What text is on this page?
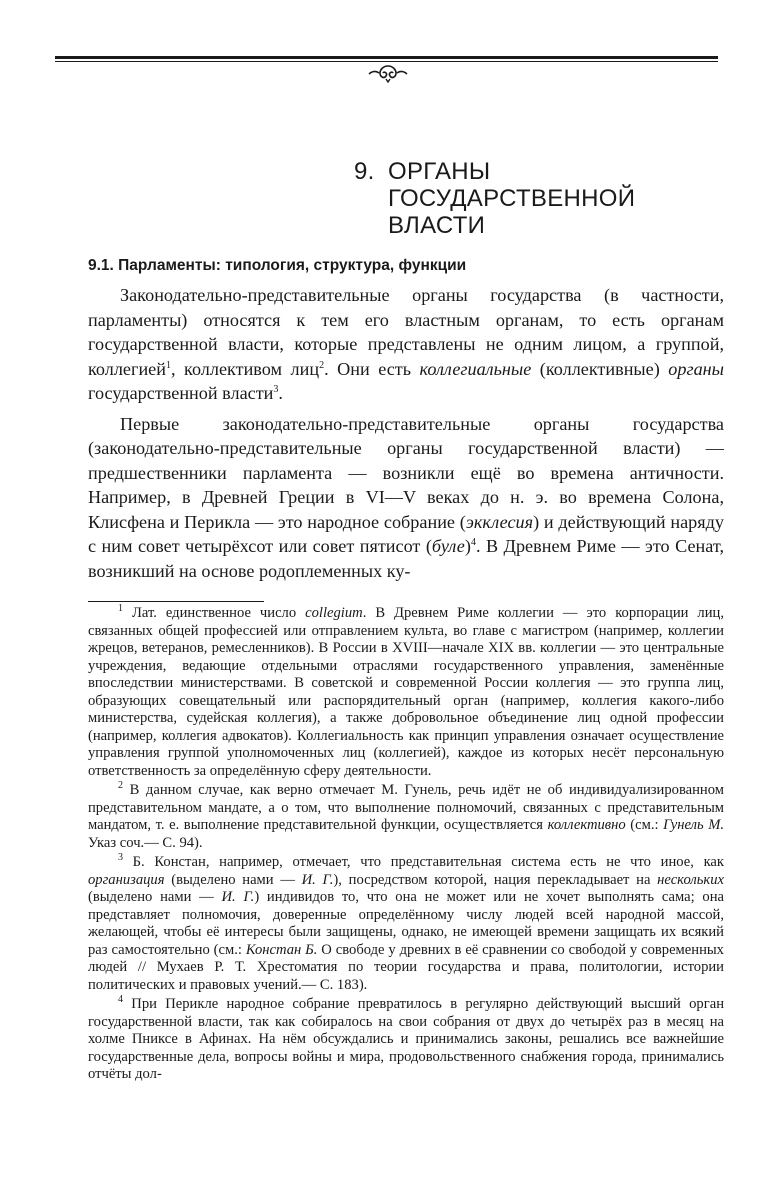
9. ОРГАНЫ
ГОСУДАРСТВЕННОЙ
ВЛАСТИ
9.1. Парламенты: типология, структура, функции

Законодательно-представительные органы государства (в частности, парламенты) относятся к тем его властным органам, то есть органам государственной власти, которые представлены не одним лицом, а группой, коллегией$^1$, коллективом лиц$^2$. Они есть коллегиальные (коллективные) органы государственной власти$^3$.

Первые законодательно-представительные органы государства (законодательно-представительные органы государственной власти) — предшественники парламента — возникли ещё во времена античности. Например, в Древней Греции в VI—V веках до н. э. во времена Солона, Клисфена и Перикла — это народное собрание (экклесия) и действующий наряду с ним совет четырёхсот или совет пятисот (буле)$^4$. В Древнем Риме — это Сенат, возникший на основе родоплеменных ку-

$^1$ Лат. единственное число collegium. В Древнем Риме коллегии — это корпорации лиц, связанных общей профессией или отправлением культа, во главе с магистром (например, коллегии жрецов, ветеранов, ремесленников). В России в XVIII—начале XIX вв. коллегии — это центральные учреждения, ведающие отдельными отраслями государственного управления, заменённые впоследствии министерствами. В советской и современной России коллегия — это группа лиц, образующих совещательный или распорядительный орган (например, коллегия какого-либо министерства, судейская коллегия), а также добровольное объединение лиц одной профессии (например, коллегия адвокатов). Коллегиальность как принцип управления означает осуществление управления группой уполномоченных лиц (коллегией), каждое из которых несёт персональную ответственность за определённую сферу деятельности.

$^2$ В данном случае, как верно отмечает М. Гунель, речь идёт не об индивидуализированном представительном мандате, а о том, что выполнение полномочий, связанных с представительным мандатом, т. е. выполнение представительной функции, осуществляется коллективно (см.: Гунель М. Указ соч.— С. 94).

$^3$ Б. Констан, например, отмечает, что представительная система есть не что иное, как организация (выделено нами — И. Г.), посредством которой, нация перекладывает на нескольких (выделено нами — И. Г.) индивидов то, что она не может или не хочет выполнять сама; она представляет полномочия, доверенные определённому числу людей всей народной массой, желающей, чтобы её интересы были защищены, однако, не имеющей времени защищать их всякий раз самостоятельно (см.: Констан Б. О свободе у древних в её сравнении со свободой у современных людей // Мухаев Р. Т. Хрестоматия по теории государства и права, политологии, истории политических и правовых учений.— С. 183).

$^4$ При Перикле народное собрание превратилось в регулярно действующий высший орган государственной власти, так как собиралось на свои собрания от двух до четырёх раз в месяц на холме Пниксе в Афинах. На нём обсуждались и принимались законы, решались все важнейшие государственные дела, вопросы войны и мира, продовольственного снабжения города, принимались отчёты дол-
